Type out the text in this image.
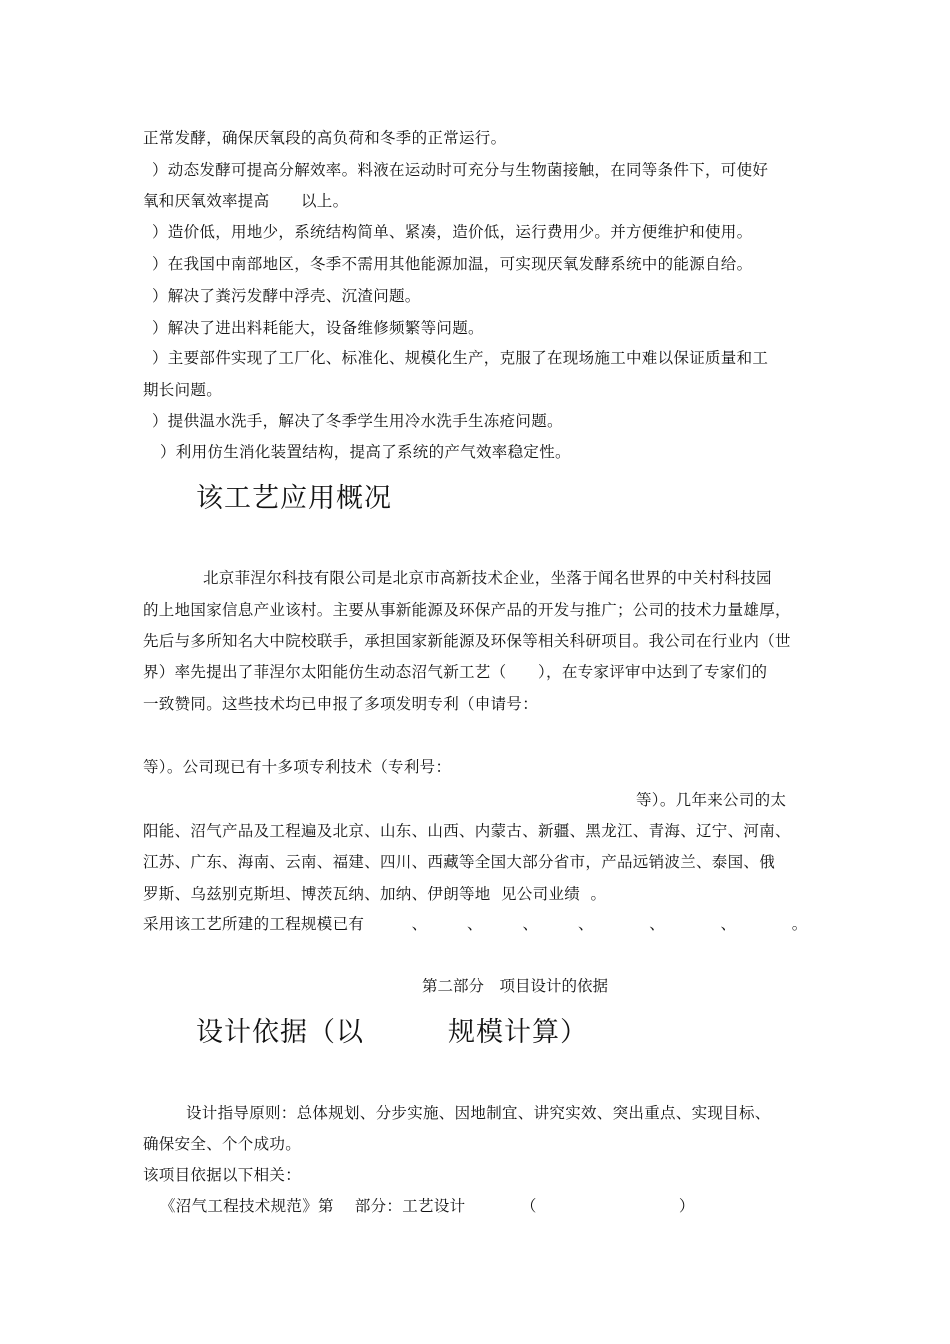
正常发酵，确保厌氧段的高负荷和冬季的正常运行。
）动态发酵可提高分解效率。料液在运动时可充分与生物菌接触，在同等条件下，可使好
氧和厌氧效率提高　　以上。
）造价低，用地少，系统结构简单、紧凑，造价低，运行费用少。并方便维护和使用。
）在我国中南部地区，冬季不需用其他能源加温，可实现厌氧发酵系统中的能源自给。
）解决了粪污发酵中浮壳、沉渣问题。
）解决了进出料耗能大，设备维修频繁等问题。
）主要部件实现了工厂化、标准化、规模化生产，克服了在现场施工中难以保证质量和工
期长问题。
）提供温水洗手，解决了冬季学生用冷水洗手生冻疮问题。
）利用仿生消化装置结构，提高了系统的产气效率稳定性。
该工艺应用概况
北京菲涅尔科技有限公司是北京市高新技术企业，坐落于闻名世界的中关村科技园
的上地国家信息产业该村。主要从事新能源及环保产品的开发与推广；公司的技术力量雄厚，
先后与多所知名大中院校联手，承担国家新能源及环保等相关科研项目。我公司在行业内（世
界）率先提出了菲涅尔太阳能仿生动态沼气新工艺（　　），在专家评审中达到了专家们的
一致赞同。这些技术均已申报了多项发明专利（申请号：
等）。公司现已有十多项专利技术（专利号：
等）。几年来公司的太
阳能、沼气产品及工程遍及北京、山东、山西、内蒙古、新疆、黑龙江、青海、辽宁、河南、
江苏、广东、海南、云南、福建、四川、西藏等全国大部分省市，产品远销波兰、泰国、俄
罗斯、乌兹别克斯坦、博茨瓦纳、加纳、伊朗等地  见公司业绩  。
采用该工艺所建的工程规模已有　　　、　　　、　　　、　　　、　　　　、　　　　、　　　　。
第二部分　项目设计的依据
设计依据（以　　　规模计算）
设计指导原则：总体规划、分步实施、因地制宜、讲究实效、突出重点、实现目标、
确保安全、个个成功。
该项目依据以下相关：
《沼气工程技术规范》第　 部分：工艺设计　　　　（　　　　　　　　　）
